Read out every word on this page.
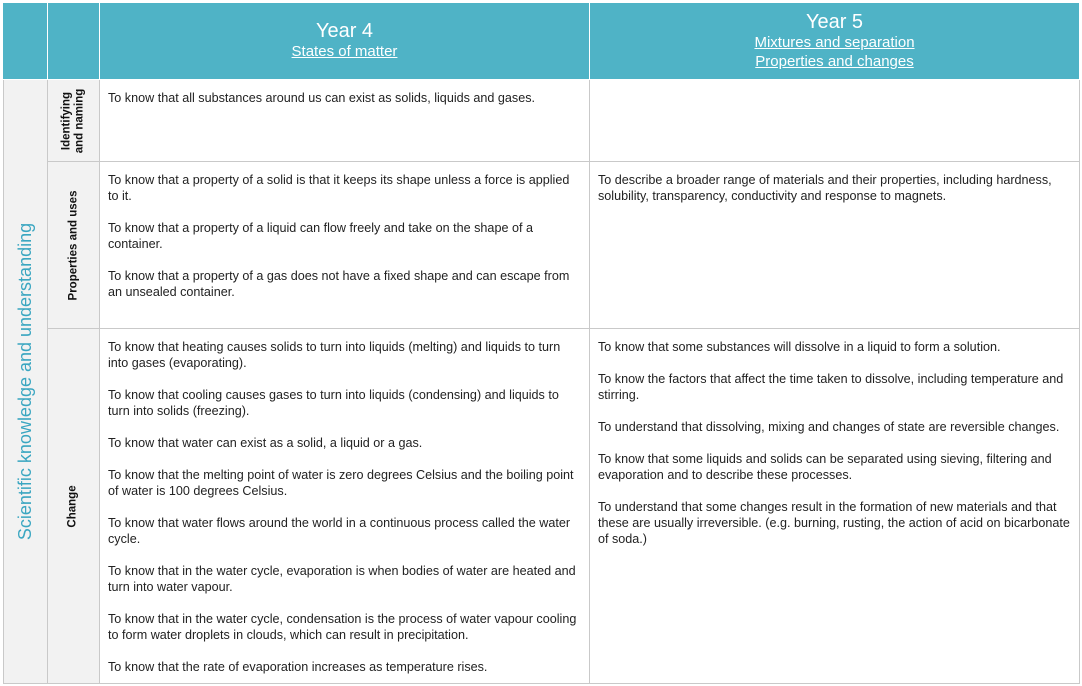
Year 4
States of matter
Year 5
Mixtures and separation
Properties and changes
Scientific knowledge and understanding
Identifying and naming To know that all substances around us can exist as solids, liquids and gases.

Properties and uses

To know that a property of a solid is that it keeps its shape unless a force is applied to it.

To know that a property of a liquid can flow freely and take on the shape of a container.

To know that a property of a gas does not have a fixed shape and can escape from an unsealed container.

To describe a broader range of materials and their properties, including hardness, solubility, transparency, conductivity and response to magnets.

Change

To know that heating causes solids to turn into liquids (melting) and liquids to turn into gases (evaporating).

To know that cooling causes gases to turn into liquids (condensing) and liquids to turn into solids (freezing).

To know that water can exist as a solid, a liquid or a gas.

To know that the melting point of water is zero degrees Celsius and the boiling point of water is 100 degrees Celsius.

To know that water flows around the world in a continuous process called the water cycle.

To know that in the water cycle, evaporation is when bodies of water are heated and turn into water vapour.

To know that in the water cycle, condensation is the process of water vapour cooling to form water droplets in clouds, which can result in precipitation.

To know that the rate of evaporation increases as temperature rises.

To know that some substances will dissolve in a liquid to form a solution.

To know the factors that affect the time taken to dissolve, including temperature and stirring.

To understand that dissolving, mixing and changes of state are reversible changes.

To know that some liquids and solids can be separated using sieving, filtering and evaporation and to describe these processes.

To understand that some changes result in the formation of new materials and that these are usually irreversible. (e.g. burning, rusting, the action of acid on bicarbonate of soda.)
